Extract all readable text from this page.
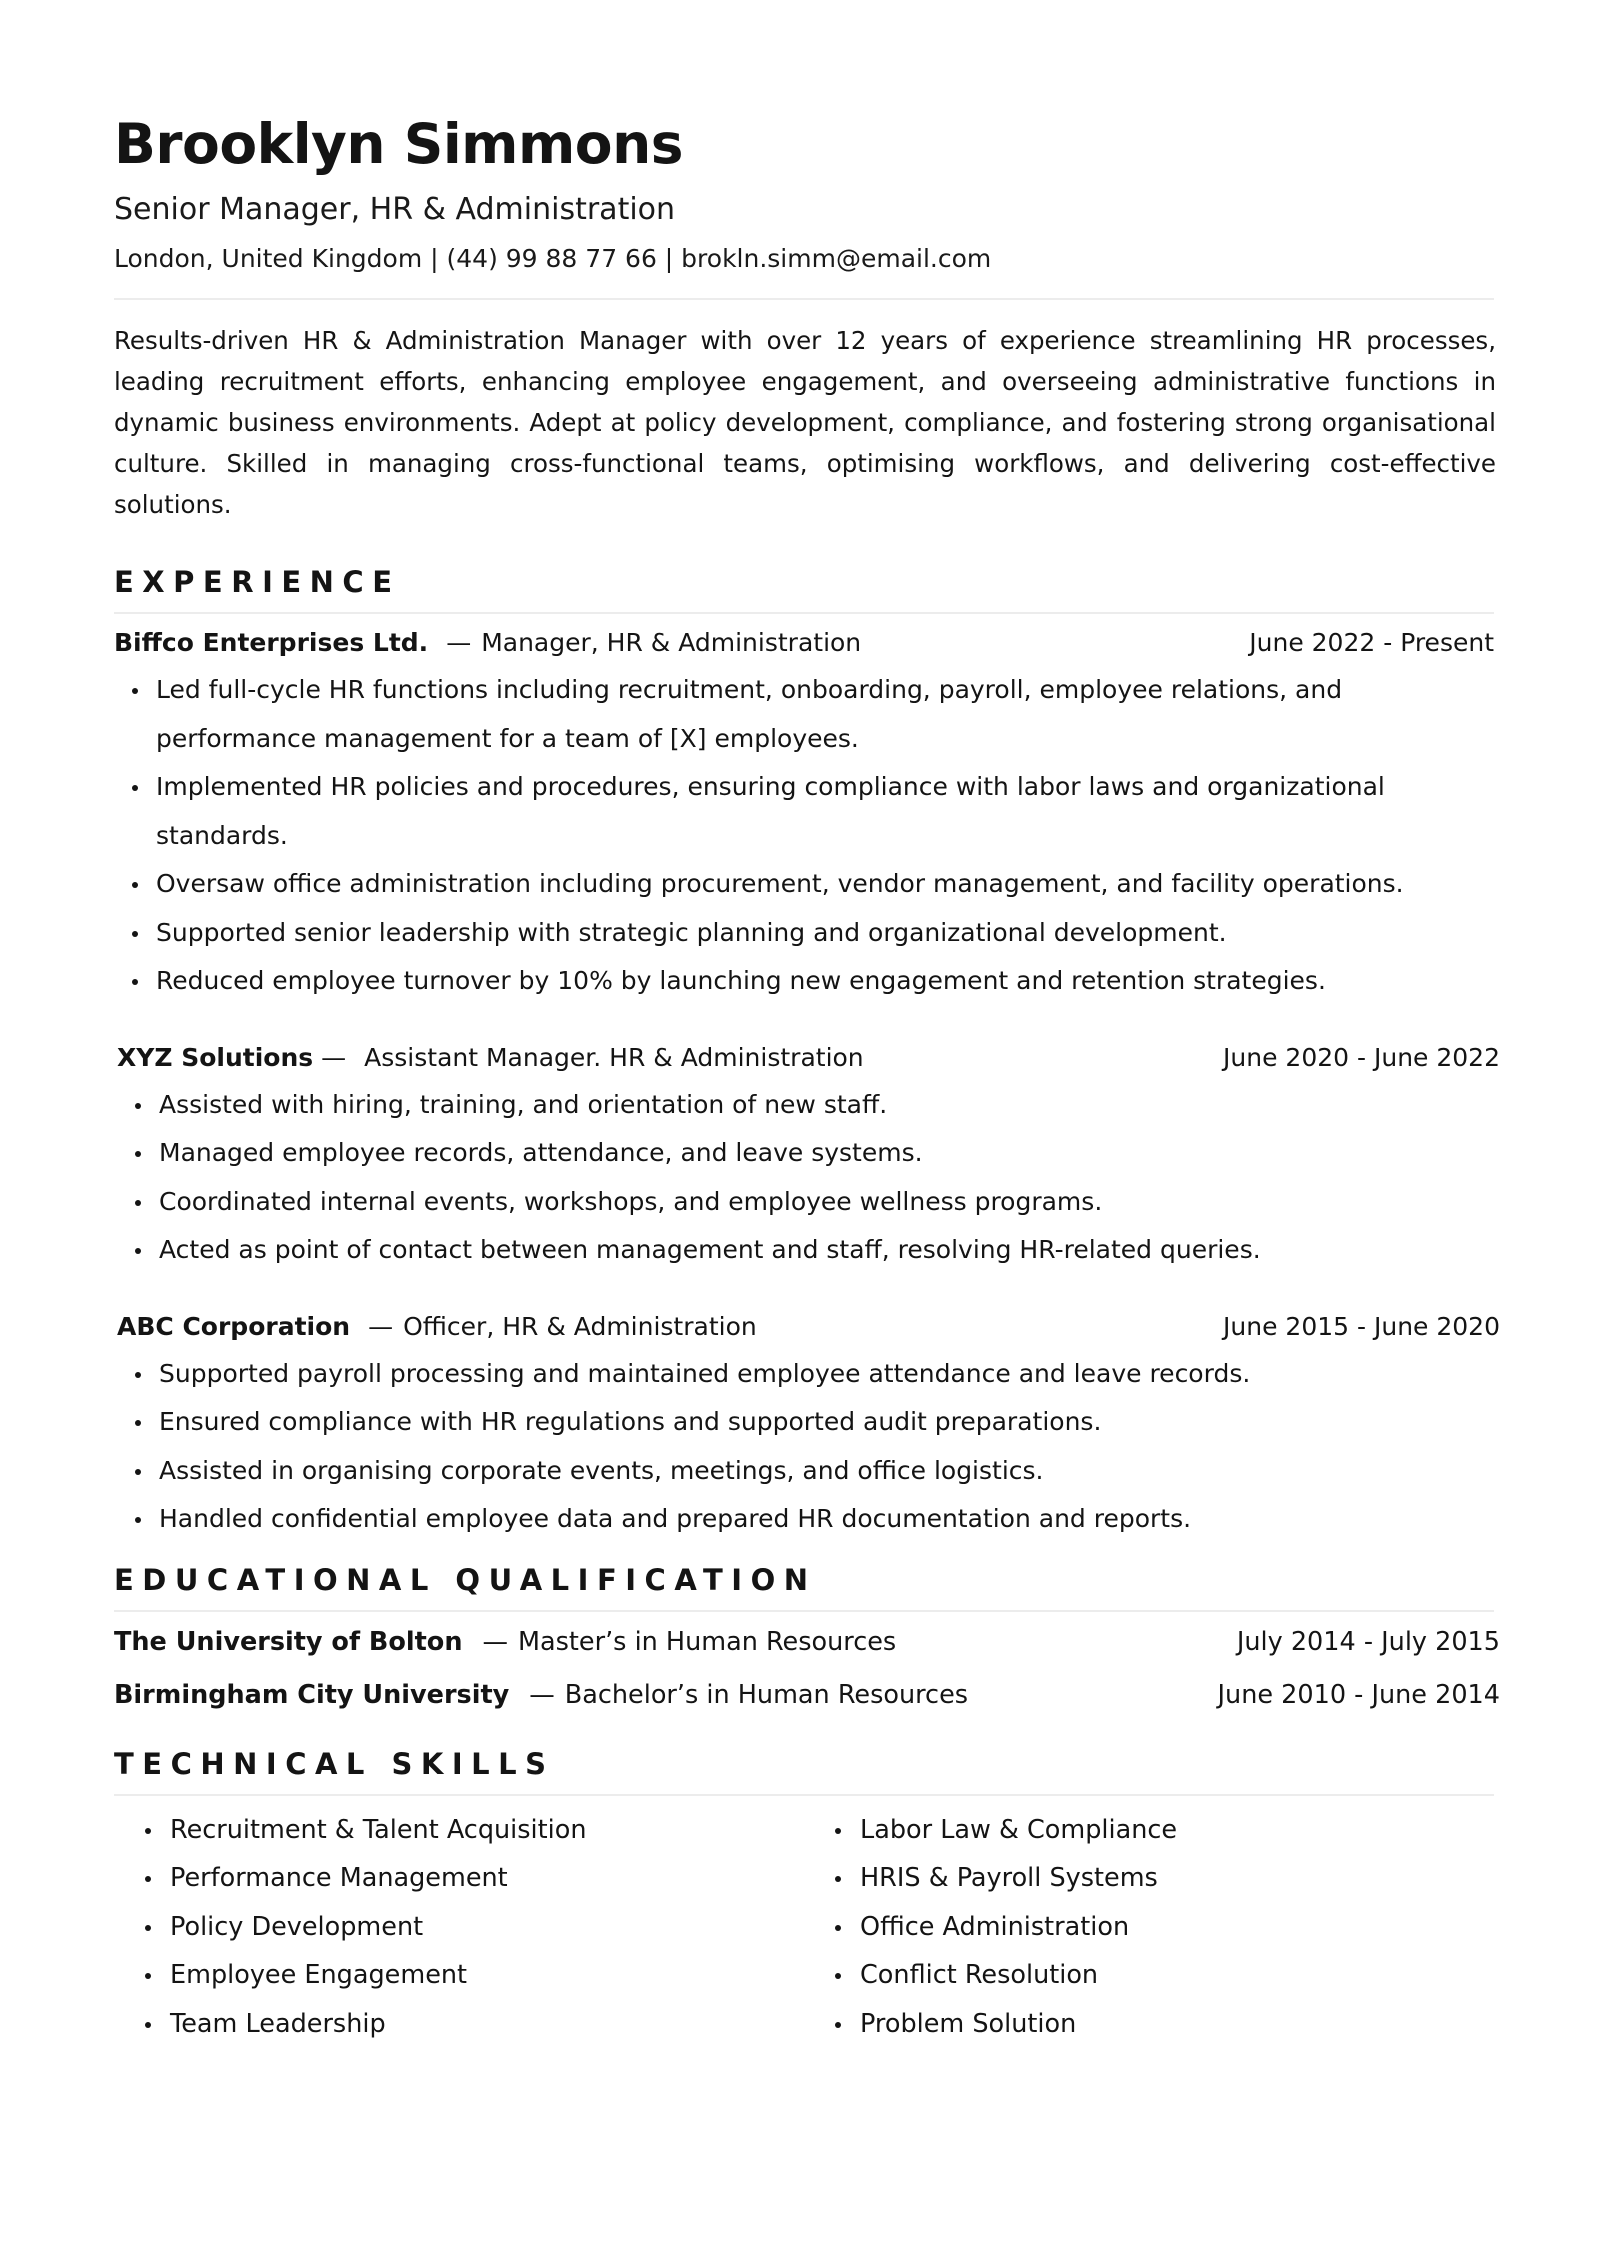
Brooklyn Simmons

Senior Manager, HR & Administration

London, United Kingdom | (44) 99 88 77 66 | brokln.simm@email.com

Results-driven HR & Administration Manager with over 12 years of experience streamlining HR processes, leading recruitment efforts, enhancing employee engagement, and overseeing administrative functions in dynamic business environments. Adept at policy development, compliance, and fostering strong organisational culture. Skilled in managing cross-functional teams, optimising workflows, and delivering cost-effective solutions.

EXPERIENCE
Biffco Enterprises Ltd. — Manager, HR & Administration	June 2022 - Present
Led full-cycle HR functions including recruitment, onboarding, payroll, employee relations, and performance management for a team of [X] employees.
Implemented HR policies and procedures, ensuring compliance with labor laws and organizational standards.
Oversaw office administration including procurement, vendor management, and facility operations.
Supported senior leadership with strategic planning and organizational development.
Reduced employee turnover by 10% by launching new engagement and retention strategies.
XYZ Solutions — Assistant Manager. HR & Administration	June 2020 - June 2022
Assisted with hiring, training, and orientation of new staff.
Managed employee records, attendance, and leave systems.
Coordinated internal events, workshops, and employee wellness programs.
Acted as point of contact between management and staff, resolving HR-related queries.
ABC Corporation — Officer, HR & Administration	June 2015 - June 2020
Supported payroll processing and maintained employee attendance and leave records.
Ensured compliance with HR regulations and supported audit preparations.
Assisted in organising corporate events, meetings, and office logistics.
Handled confidential employee data and prepared HR documentation and reports.
EDUCATIONAL QUALIFICATION
The University of Bolton — Master’s in Human Resources	July 2014 - July 2015
Birmingham City University — Bachelor’s in Human Resources	June 2010 - June 2014
TECHNICAL SKILLS
Recruitment & Talent Acquisition
Performance Management
Policy Development
Employee Engagement
Team Leadership
Labor Law & Compliance
HRIS & Payroll Systems
Office Administration
Conflict Resolution
Problem Solution
